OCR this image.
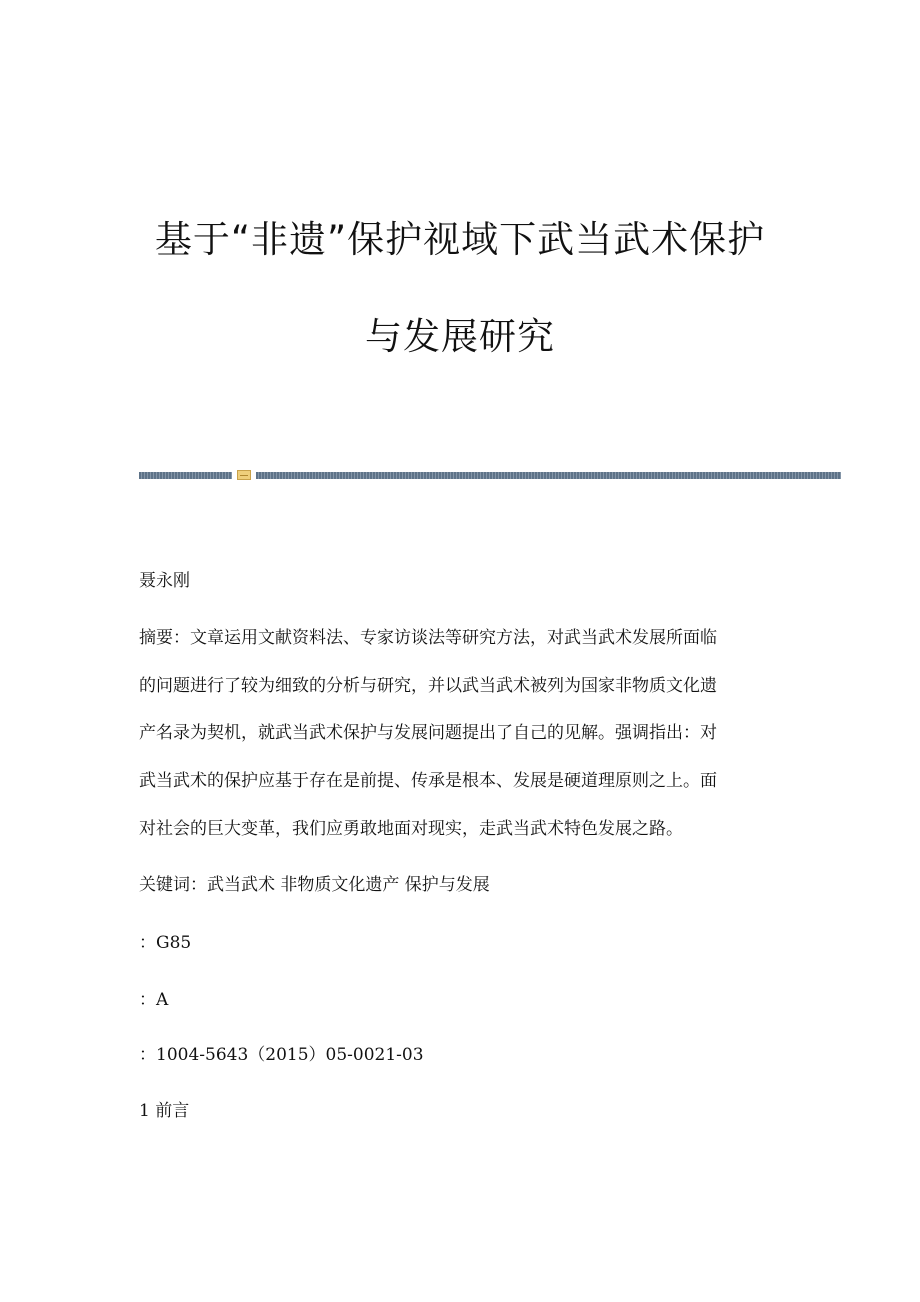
基于“非遗”保护视域下武当武术保护
与发展研究
聂永刚
摘要：文章运用文献资料法、专家访谈法等研究方法，对武当武术发展所面临
的问题进行了较为细致的分析与研究，并以武当武术被列为国家非物质文化遗
产名录为契机，就武当武术保护与发展问题提出了自己的见解。强调指出：对
武当武术的保护应基于存在是前提、传承是根本、发展是硬道理原则之上。面
对社会的巨大变革，我们应勇敢地面对现实，走武当武术特色发展之路。
关键词：武当武术 非物质文化遗产 保护与发展
：G85
：A
：1004-5643（2015）05-0021-03
1 前言
